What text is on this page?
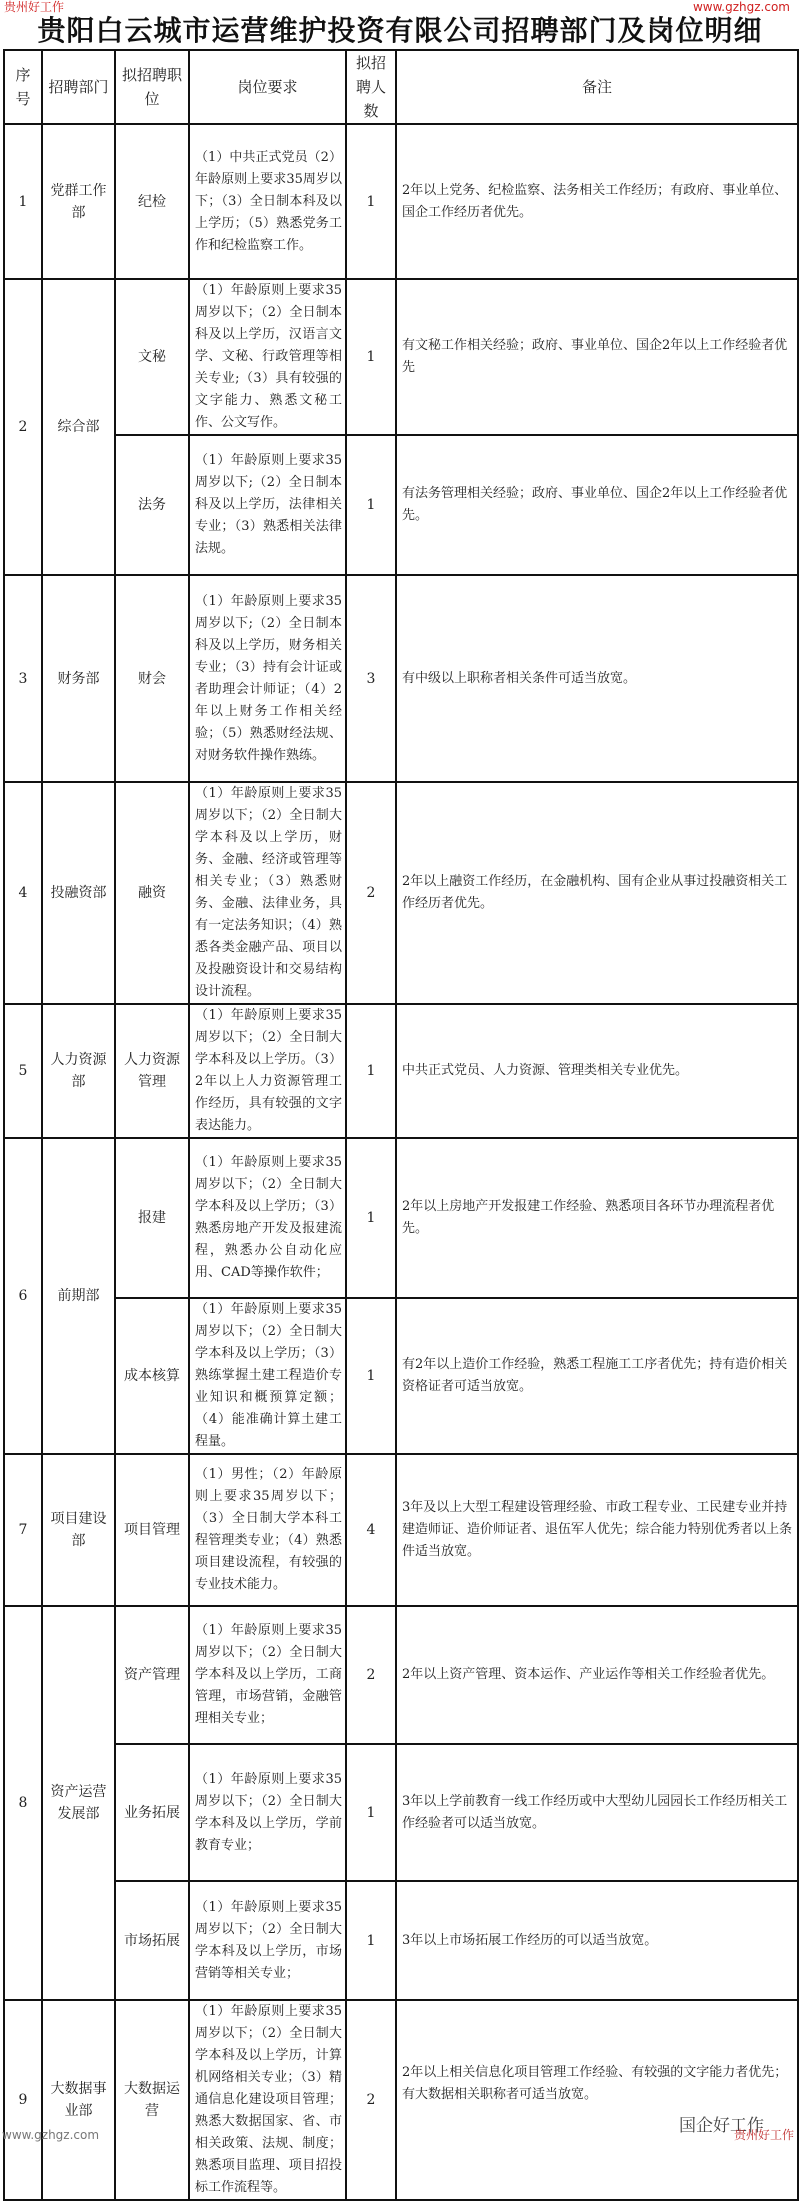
贵州好工作	www.gzhgz.com
贵阳白云城市运营维护投资有限公司招聘部门及岗位明细
序号	招聘部门	拟招聘职位	岗位要求	拟招聘人数	备注
1	党群工作部	纪检	（1）中共正式党员（2）年龄原则上要求35周岁以下；（3）全日制本科及以上学历；（5）熟悉党务工作和纪检监察工作。	1	2年以上党务、纪检监察、法务相关工作经历；有政府、事业单位、国企工作经历者优先。
2	综合部	文秘	（1）年龄原则上要求35周岁以下；（2）全日制本科及以上学历，汉语言文学、文秘、行政管理等相关专业;（3）具有较强的文字能力、熟悉文秘工作、公文写作。	1	有文秘工作相关经验；政府、事业单位、国企2年以上工作经验者优先
		法务	（1）年龄原则上要求35周岁以下;（2）全日制本科及以上学历，法律相关专业；（3）熟悉相关法律法规。	1	有法务管理相关经验；政府、事业单位、国企2年以上工作经验者优先。
3	财务部	财会	（1）年龄原则上要求35周岁以下;（2）全日制本科及以上学历，财务相关专业；（3）持有会计证或者助理会计师证；（4）2年以上财务工作相关经验；（5）熟悉财经法规、对财务软件操作熟练。	3	有中级以上职称者相关条件可适当放宽。
4	投融资部	融资	（1）年龄原则上要求35周岁以下；（2）全日制大学本科及以上学历，财务、金融、经济或管理等相关专业；（3）熟悉财务、金融、法律业务，具有一定法务知识；（4）熟悉各类金融产品、项目以及投融资设计和交易结构设计流程。	2	2年以上融资工作经历，在金融机构、国有企业从事过投融资相关工作经历者优先。
5	人力资源部	人力资源管理	（1）年龄原则上要求35周岁以下；（2）全日制大学本科及以上学历。（3）2年以上人力资源管理工作经历，具有较强的文字表达能力。	1	中共正式党员、人力资源、管理类相关专业优先。
6	前期部	报建	（1）年龄原则上要求35周岁以下；（2）全日制大学本科及以上学历；（3）熟悉房地产开发及报建流程，熟悉办公自动化应用、CAD等操作软件；	1	2年以上房地产开发报建工作经验、熟悉项目各环节办理流程者优先。
		成本核算	（1）年龄原则上要求35周岁以下；（2）全日制大学本科及以上学历；（3）熟练掌握土建工程造价专业知识和概预算定额；（4）能准确计算土建工程量。	1	有2年以上造价工作经验，熟悉工程施工工序者优先；持有造价相关资格证者可适当放宽。
7	项目建设部	项目管理	（1）男性；（2）年龄原则上要求35周岁以下；（3）全日制大学本科工程管理类专业；（4）熟悉项目建设流程，有较强的专业技术能力。	4	3年及以上大型工程建设管理经验、市政工程专业、工民建专业并持建造师证、造价师证者、退伍军人优先；综合能力特别优秀者以上条件适当放宽。
8	资产运营发展部	资产管理	（1）年龄原则上要求35周岁以下；（2）全日制大学本科及以上学历，工商管理，市场营销，金融管理相关专业；	2	2年以上资产管理、资本运作、产业运作等相关工作经验者优先。
		业务拓展	（1）年龄原则上要求35周岁以下；（2）全日制大学本科及以上学历，学前教育专业；	1	3年以上学前教育一线工作经历或中大型幼儿园园长工作经历相关工作经验者可以适当放宽。
		市场拓展	（1）年龄原则上要求35周岁以下；（2）全日制大学本科及以上学历，市场营销等相关专业；	1	3年以上市场拓展工作经历的可以适当放宽。
9	大数据事业部	大数据运营	（1）年龄原则上要求35周岁以下；（2）全日制大学本科及以上学历，计算机网络相关专业；（3）精通信息化建设项目管理；熟悉大数据国家、省、市相关政策、法规、制度；熟悉项目监理、项目招投标工作流程等。	2	2年以上相关信息化项目管理工作经验、有较强的文字能力者优先；有大数据相关职称者可适当放宽。
国企好工作
www.gzhgz.com	贵州好工作
